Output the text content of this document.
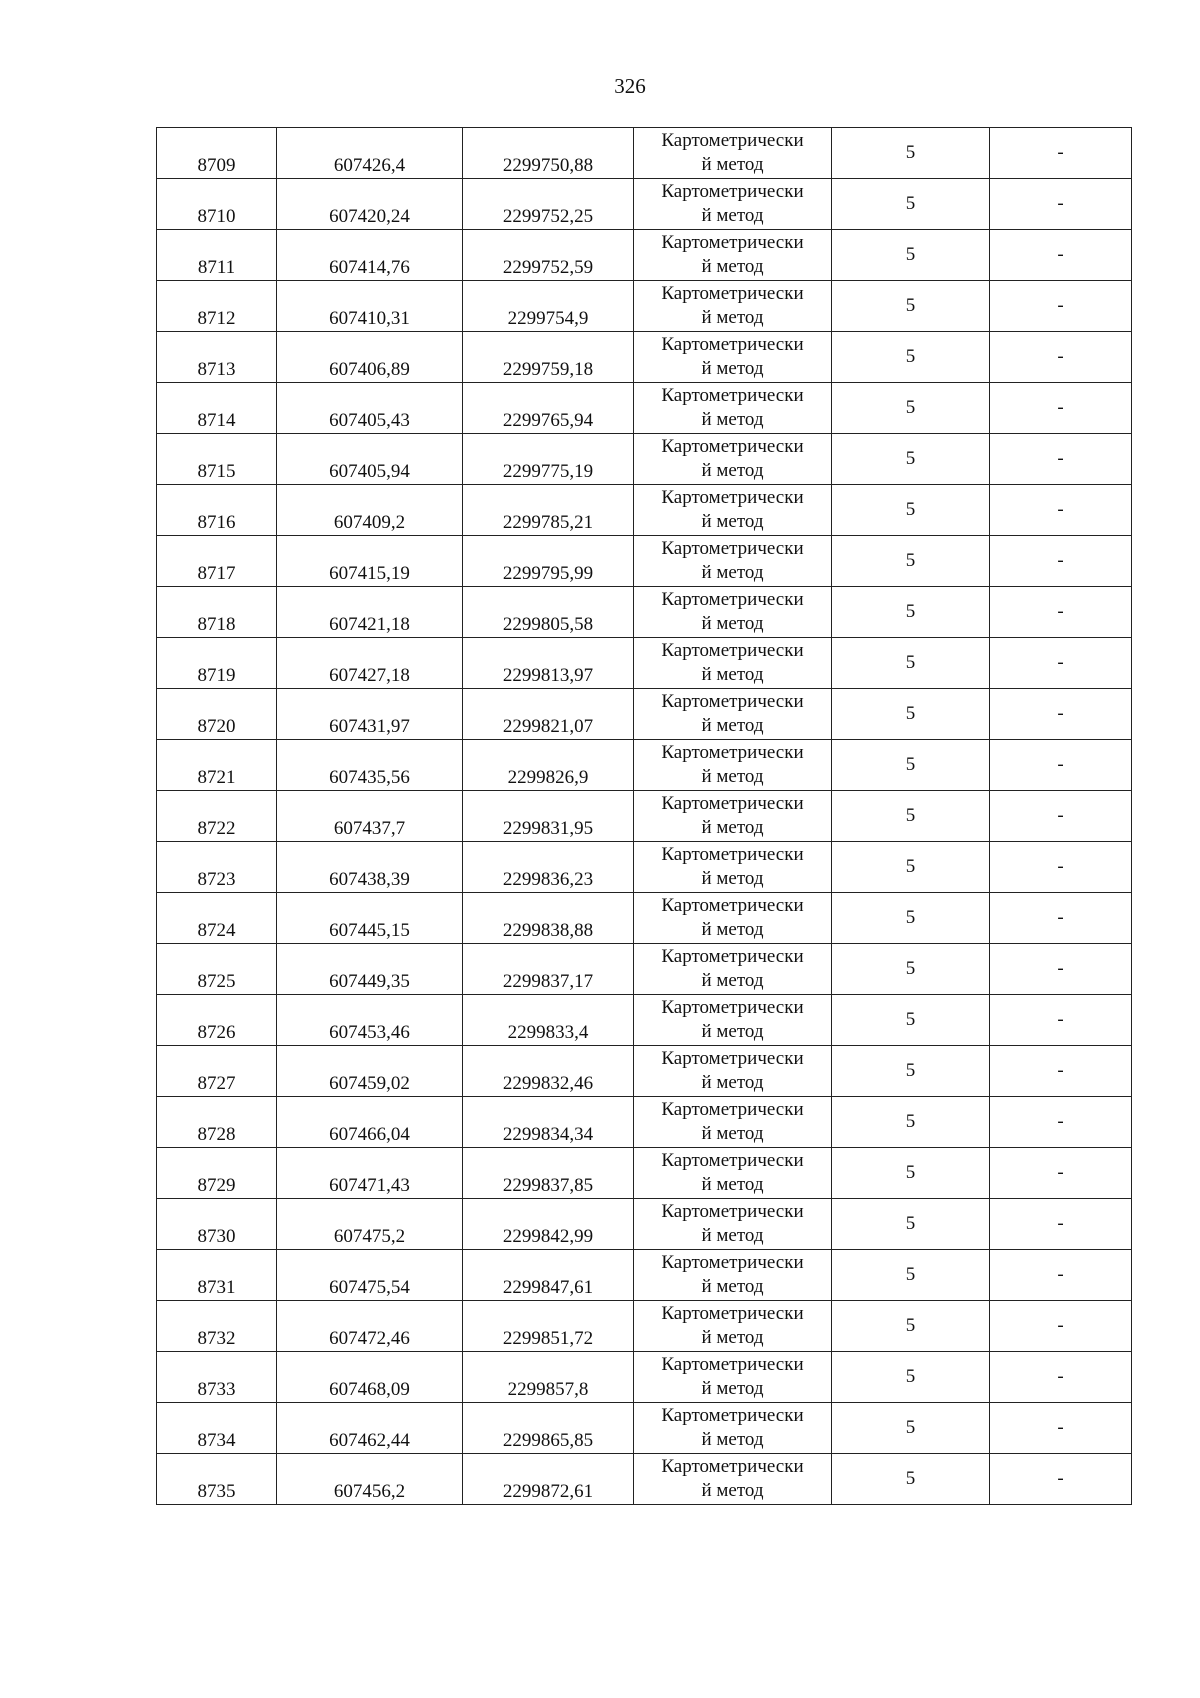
326
8709	607426,4	2299750,88	Картометрически
й метод	5	-
8710	607420,24	2299752,25	Картометрически
й метод	5	-
8711	607414,76	2299752,59	Картометрически
й метод	5	-
8712	607410,31	2299754,9	Картометрически
й метод	5	-
8713	607406,89	2299759,18	Картометрически
й метод	5	-
8714	607405,43	2299765,94	Картометрически
й метод	5	-
8715	607405,94	2299775,19	Картометрически
й метод	5	-
8716	607409,2	2299785,21	Картометрически
й метод	5	-
8717	607415,19	2299795,99	Картометрически
й метод	5	-
8718	607421,18	2299805,58	Картометрически
й метод	5	-
8719	607427,18	2299813,97	Картометрически
й метод	5	-
8720	607431,97	2299821,07	Картометрически
й метод	5	-
8721	607435,56	2299826,9	Картометрически
й метод	5	-
8722	607437,7	2299831,95	Картометрически
й метод	5	-
8723	607438,39	2299836,23	Картометрически
й метод	5	-
8724	607445,15	2299838,88	Картометрически
й метод	5	-
8725	607449,35	2299837,17	Картометрически
й метод	5	-
8726	607453,46	2299833,4	Картометрически
й метод	5	-
8727	607459,02	2299832,46	Картометрически
й метод	5	-
8728	607466,04	2299834,34	Картометрически
й метод	5	-
8729	607471,43	2299837,85	Картометрически
й метод	5	-
8730	607475,2	2299842,99	Картометрически
й метод	5	-
8731	607475,54	2299847,61	Картометрически
й метод	5	-
8732	607472,46	2299851,72	Картометрически
й метод	5	-
8733	607468,09	2299857,8	Картометрически
й метод	5	-
8734	607462,44	2299865,85	Картометрически
й метод	5	-
8735	607456,2	2299872,61	Картометрически
й метод	5	-
